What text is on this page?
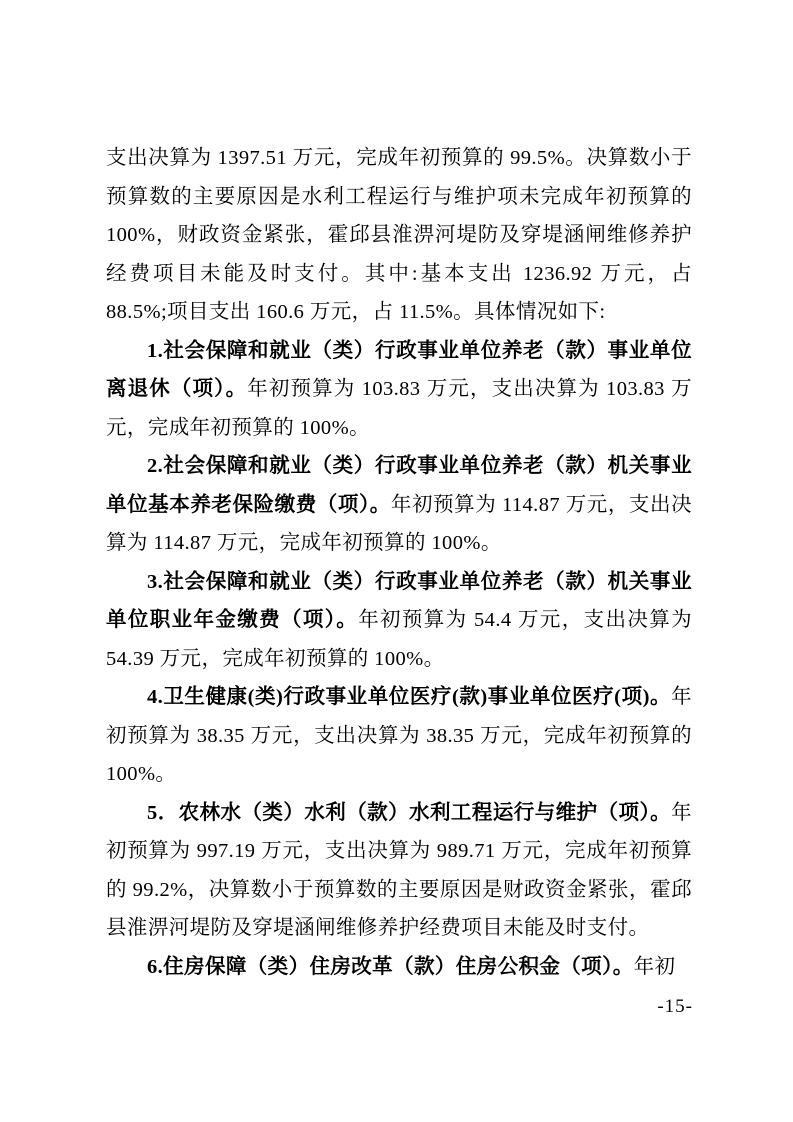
支出决算为 1397.51 万元，完成年初预算的 99.5%。决算数小于预算数的主要原因是水利工程运行与维护项未完成年初预算的 100%，财政资金紧张，霍邱县淮淠河堤防及穿堤涵闸维修养护经费项目未能及时支付。其中:基本支出 1236.92 万元，占 88.5%;项目支出 160.6 万元，占 11.5%。具体情况如下:

1.社会保障和就业（类）行政事业单位养老（款）事业单位离退休（项）。年初预算为 103.83 万元，支出决算为 103.83 万元，完成年初预算的 100%。

2.社会保障和就业（类）行政事业单位养老（款）机关事业单位基本养老保险缴费（项）。年初预算为 114.87 万元，支出决算为 114.87 万元，完成年初预算的 100%。

3.社会保障和就业（类）行政事业单位养老（款）机关事业单位职业年金缴费（项）。年初预算为 54.4 万元，支出决算为 54.39 万元，完成年初预算的 100%。

4.卫生健康(类)行政事业单位医疗(款)事业单位医疗(项)。年初预算为 38.35 万元，支出决算为 38.35 万元，完成年初预算的 100%。

5．农林水（类）水利（款）水利工程运行与维护（项）。年初预算为 997.19 万元，支出决算为 989.71 万元，完成年初预算的 99.2%，决算数小于预算数的主要原因是财政资金紧张，霍邱县淮淠河堤防及穿堤涵闸维修养护经费项目未能及时支付。

6.住房保障（类）住房改革（款）住房公积金（项）。年初

-15-
